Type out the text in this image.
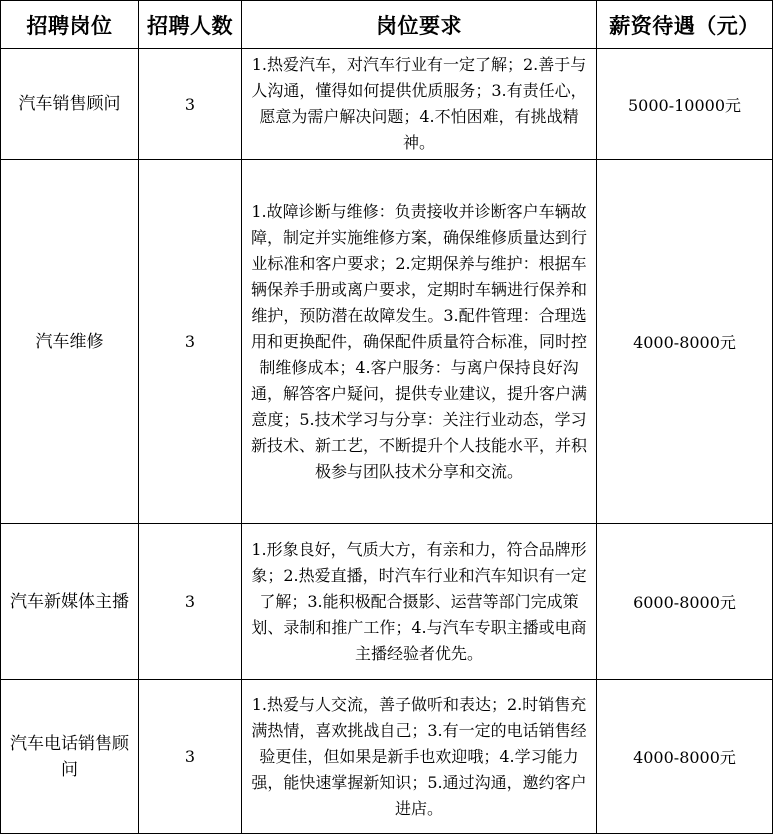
招聘岗位	招聘人数	岗位要求	薪资待遇（元）
汽车销售顾问	3	1.热爱汽车，对汽车行业有一定了解；2.善于与人沟通，懂得如何提供优质服务；3.有责任心，愿意为需户解决问题；4.不怕困难，有挑战精神。	5000-10000元
汽车维修	3	1.故障诊断与维修：负责接收并诊断客户车辆故障，制定并实施维修方案，确保维修质量达到行业标准和客户要求；2.定期保养与维护：根据车辆保养手册或离户要求，定期时车辆进行保养和维护，预防潜在故障发生。3.配件管理：合理选用和更换配件，确保配件质量符合标准，同时控制维修成本；4.客户服务：与离户保持良好沟通，解答客户疑问，提供专业建议，提升客户满意度；5.技术学习与分享：关注行业动态，学习新技术、新工艺，不断提升个人技能水平，并积极参与团队技术分享和交流。	4000-8000元
汽车新媒体主播	3	1.形象良好，气质大方，有亲和力，符合品牌形象；2.热爱直播，时汽车行业和汽车知识有一定了解；3.能积极配合摄影、运营等部门完成策划、录制和推广工作；4.与汽车专职主播或电商主播经验者优先。	6000-8000元
汽车电话销售顾问	3	1.热爱与人交流，善子做听和表达；2.时销售充满热情，喜欢挑战自己；3.有一定的电话销售经验更佳，但如果是新手也欢迎哦；4.学习能力强，能快速掌握新知识；5.通过沟通，邀约客户进店。	4000-8000元
